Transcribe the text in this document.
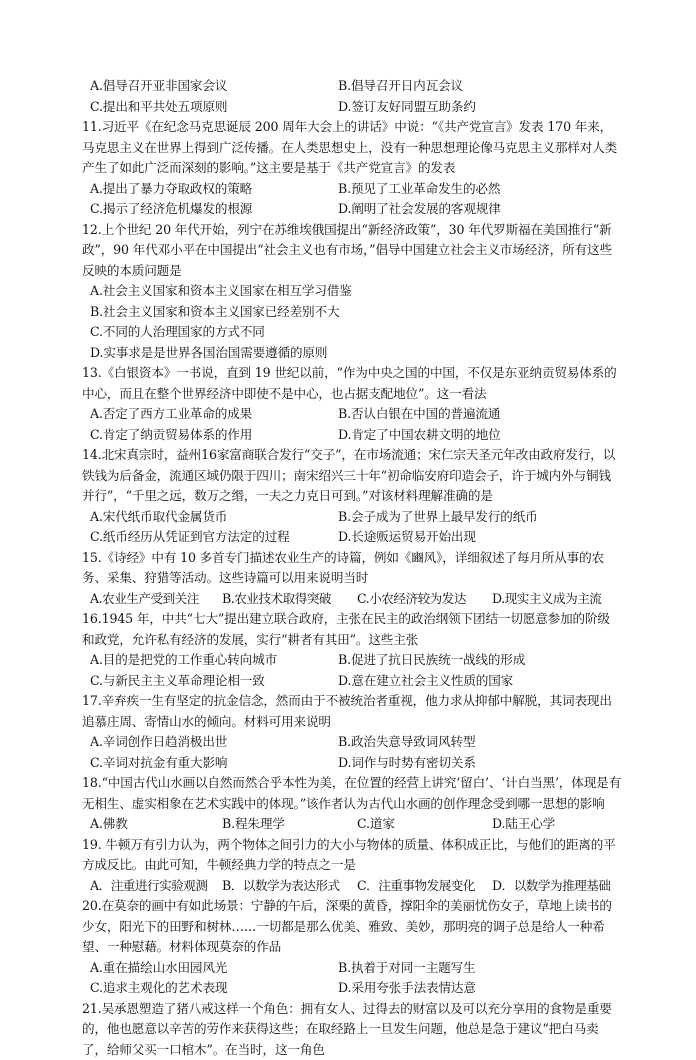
A.倡导召开亚非国家会议	B.倡导召开日内瓦会议
C.提出和平共处五项原则	D.签订友好同盟互助条约

11.习近平《在纪念马克思诞辰 200 周年大会上的讲话》中说：“《共产党宣言》发表 170 年来，马克思主义在世界上得到广泛传播。在人类思想史上，没有一种思想理论像马克思主义那样对人类产生了如此广泛而深刻的影响。”这主要是基于《共产党宣言》的发表

A.提出了暴力夺取政权的策略	B.预见了工业革命发生的必然
C.揭示了经济危机爆发的根源	D.阐明了社会发展的客观规律

12.上个世纪 20 年代开始，列宁在苏维埃俄国提出“新经济政策”，30 年代罗斯福在美国推行“新政”，90 年代邓小平在中国提出“社会主义也有市场，”倡导中国建立社会主义市场经济，所有这些反映的本质问题是

A.社会主义国家和资本主义国家在相互学习借鉴
B.社会主义国家和资本主义国家已经差别不大
C.不同的人治理国家的方式不同
D.实事求是是世界各国治国需要遵循的原则

13.《白银资本》一书说，直到 19 世纪以前，“作为中央之国的中国，不仅是东亚纳贡贸易体系的中心，而且在整个世界经济中即使不是中心，也占据支配地位”。这一看法

A.否定了西方工业革命的成果	B.否认白银在中国的普遍流通
C.肯定了纳贡贸易体系的作用	D.肯定了中国农耕文明的地位

14.北宋真宗时，益州16家富商联合发行“交子”，在市场流通；宋仁宗天圣元年改由政府发行，以铁钱为后备金，流通区域仍限于四川；南宋绍兴三十年“初命临安府印造会子，许于城内外与铜钱并行”，“千里之远，数万之缗，一夫之力克日可到。”对该材料理解准确的是

A.宋代纸币取代金属货币	B.会子成为了世界上最早发行的纸币
C.纸币经历从凭证到官方法定的过程	D.长途贩运贸易开始出现

15.《诗经》中有 10 多首专门描述农业生产的诗篇，例如《豳风》，详细叙述了每月所从事的农务、采集、狩猎等活动。这些诗篇可以用来说明当时

A.农业生产受到关注	B.农业技术取得突破	C.小农经济较为发达	D.现实主义成为主流

16.1945 年，中共“七大”提出建立联合政府，主张在民主的政治纲领下团结一切愿意参加的阶级和政党，允许私有经济的发展，实行“耕者有其田”。这些主张

A.目的是把党的工作重心转向城市	B.促进了抗日民族统一战线的形成
C.与新民主主义革命理论相一致	D.意在建立社会主义性质的国家

17.辛弃疾一生有坚定的抗金信念，然而由于不被统治者重视，他力求从抑郁中解脱，其词表现出追慕庄周、寄情山水的倾向。材料可用来说明

A.辛词创作日趋消极出世	B.政治失意导致词风转型
C.辛词对抗金有重大影响	D.词作与时势有密切关系

18.“中国古代山水画以自然而然合乎本性为美，在位置的经营上讲究‘留白’、‘计白当黑’，体现是有无相生、虚实相象在艺术实践中的体现。”该作者认为古代山水画的创作理念受到哪一思想的影响

A.佛教	B.程朱理学	C.道家	D.陆王心学

19. 牛顿万有引力认为，两个物体之间引力的大小与物体的质量、体积成正比，与他们的距离的平方成反比。由此可知，牛顿经典力学的特点之一是

A．注重进行实验观测	B．以数学为表达形式	C．注重事物发展变化	D．以数学为推理基础

20.在莫奈的画中有如此场景：宁静的午后，深栗的黄昏，撑阳伞的美丽忧伤女子，草地上读书的少女，阳光下的田野和树林……一切都是那么优美、雅致、美妙，那明亮的调子总是给人一种希望、一种慰藉。材料体现莫奈的作品

A.重在描绘山水田园风光	B.执着于对同一主题写生
C.追求主观化的艺术表现	D.采用夸张手法表情达意

21.吴承恩塑造了猪八戒这样一个角色：拥有女人、过得去的财富以及可以充分享用的食物是重要的，他也愿意以辛苦的劳作来获得这些；在取经路上一旦发生问题，他总是急于建议“把白马卖了，给师父买一口棺木”。在当时，这一角色
